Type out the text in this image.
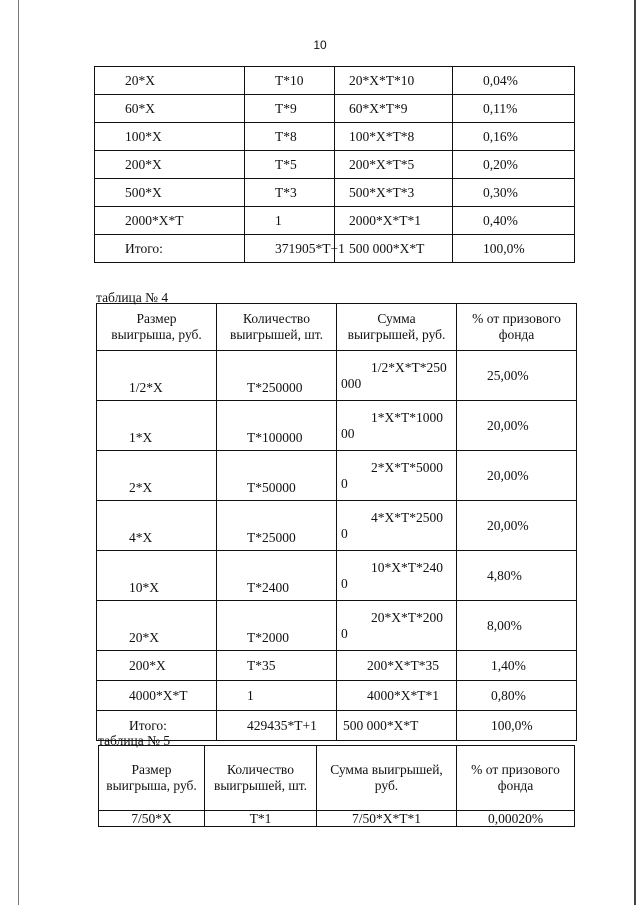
10
20*X	T*10	20*X*T*10	0,04%
60*X	T*9	60*X*T*9	0,11%
100*X	T*8	100*X*T*8	0,16%
200*X	T*5	200*X*T*5	0,20%
500*X	T*3	500*X*T*3	0,30%
2000*X*T	1	2000*X*T*1	0,40%
Итого:	371905*T+1	500 000*X*T	100,0%
таблица № 4
Размер выигрыша, руб.	Количество выигрышей, шт.	Сумма выигрышей, руб.	% от призового фонда
1/2*X	T*250000	1/2*X*T*250000	25,00%
1*X	T*100000	1*X*T*100000	20,00%
2*X	T*50000	2*X*T*50000	20,00%
4*X	T*25000	4*X*T*25000	20,00%
10*X	T*2400	10*X*T*2400	4,80%
20*X	T*2000	20*X*T*2000	8,00%
200*X	T*35	200*X*T*35	1,40%
4000*X*T	1	4000*X*T*1	0,80%
Итого:	429435*T+1	500 000*X*T	100,0%
таблица № 5
Размер выигрыша, руб.	Количество выигрышей, шт.	Сумма выигрышей, руб.	% от призового фонда
7/50*X	T*1	7/50*X*T*1	0,00020%
